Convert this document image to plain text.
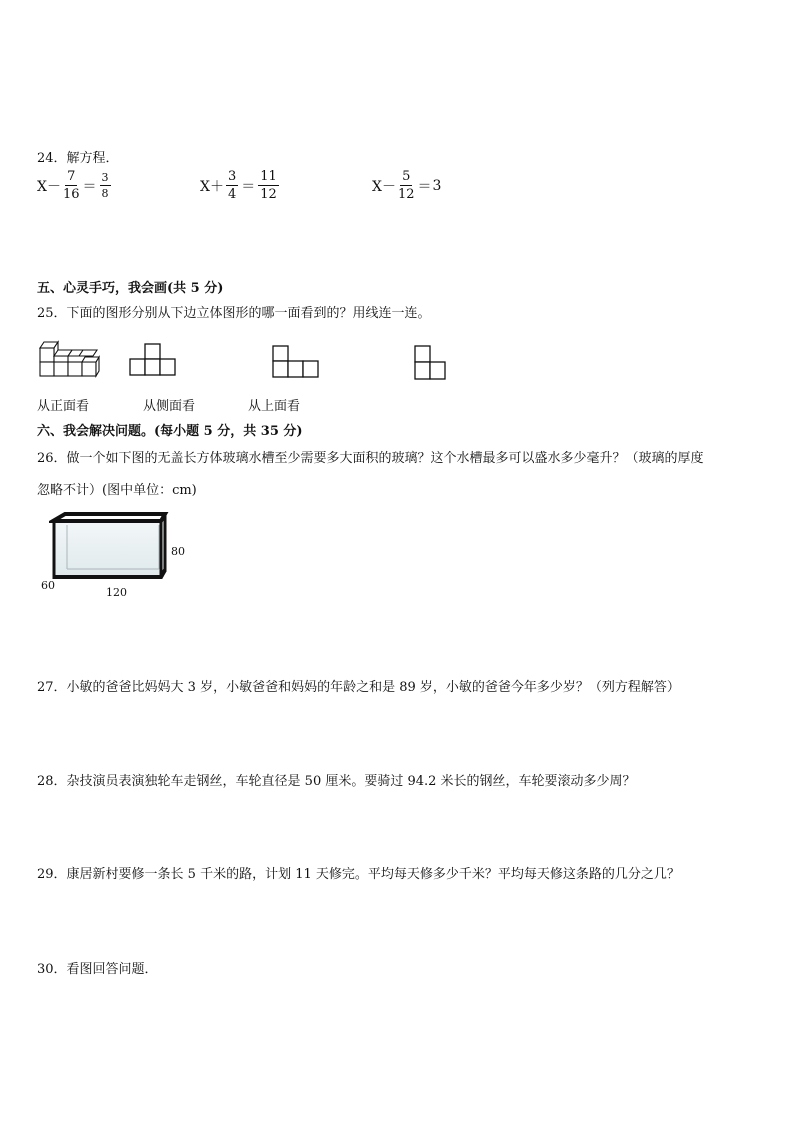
24．解方程．
$X- \frac{7}{16} = \frac{3}{8}$	$X+ \frac{3}{4} = \frac{11}{12}$	$X- \frac{5}{12} = 3$
五、心灵手巧，我会画(共 5 分)
25．下面的图形分别从下边立体图形的哪一面看到的？用线连一连。
从正面看	从侧面看	从上面看
六、我会解决问题。(每小题 5 分，共 35 分)
26．做一个如下图的无盖长方体玻璃水槽至少需要多大面积的玻璃？这个水槽最多可以盛水多少毫升？（玻璃的厚度
忽略不计）(图中单位：cm)
80
60
120
27．小敏的爸爸比妈妈大 3 岁，小敏爸爸和妈妈的年龄之和是 89 岁，小敏的爸爸今年多少岁？（列方程解答）
28．杂技演员表演独轮车走钢丝，车轮直径是 50 厘米。要骑过 94.2 米长的钢丝，车轮要滚动多少周？
29．康居新村要修一条长 5 千米的路，计划 11 天修完。平均每天修多少千米？平均每天修这条路的几分之几？
30．看图回答问题．
